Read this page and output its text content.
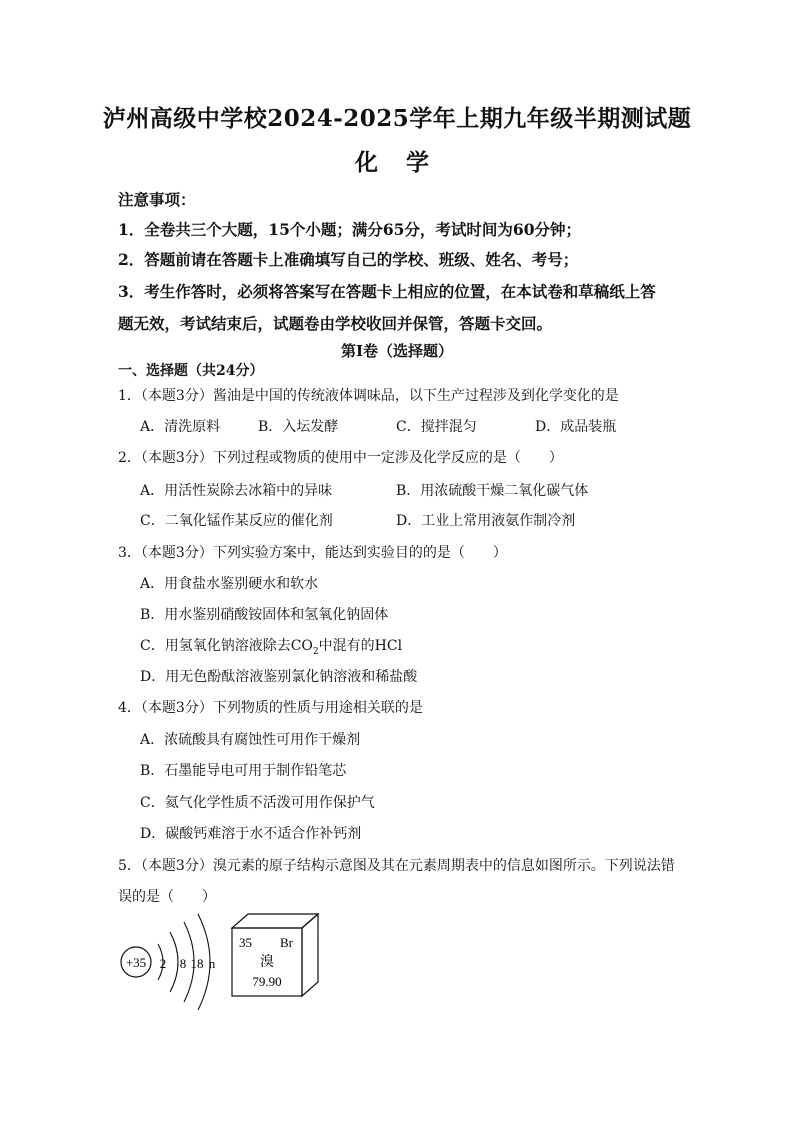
泸州高级中学校2024-2025学年上期九年级半期测试题
化 学
注意事项：
1．全卷共三个大题，15个小题；满分65分，考试时间为60分钟；
2．答题前请在答题卡上准确填写自己的学校、班级、姓名、考号；
3．考生作答时，必须将答案写在答题卡上相应的位置，在本试卷和草稿纸上答
题无效，考试结束后，试题卷由学校收回并保管，答题卡交回。
第Ⅰ卷（选择题）
一、选择题（共24分）
1．（本题3分）酱油是中国的传统液体调味品，以下生产过程涉及到化学变化的是
A．清洗原料	B．入坛发酵	C．搅拌混匀	D．成品装瓶
2．（本题3分）下列过程或物质的使用中一定涉及化学反应的是（　　）
A．用活性炭除去冰箱中的异味	B．用浓硫酸干燥二氧化碳气体
C．二氧化锰作某反应的催化剂	D．工业上常用液氨作制冷剂
3．（本题3分）下列实验方案中，能达到实验目的的是（　　）
A．用食盐水鉴别硬水和软水
B．用水鉴别硝酸铵固体和氢氧化钠固体
C．用氢氧化钠溶液除去$CO_2$中混有的HCl
D．用无色酚酞溶液鉴别氯化钠溶液和稀盐酸
4．（本题3分）下列物质的性质与用途相关联的是
A．浓硫酸具有腐蚀性可用作干燥剂
B．石墨能导电可用于制作铅笔芯
C．氦气化学性质不活泼可用作保护气
D．碳酸钙难溶于水不适合作补钙剂
5．（本题3分）溴元素的原子结构示意图及其在元素周期表中的信息如图所示。下列说法错
误的是（　　）
+35 2 8 18 n
35 Br
溴
79.90
